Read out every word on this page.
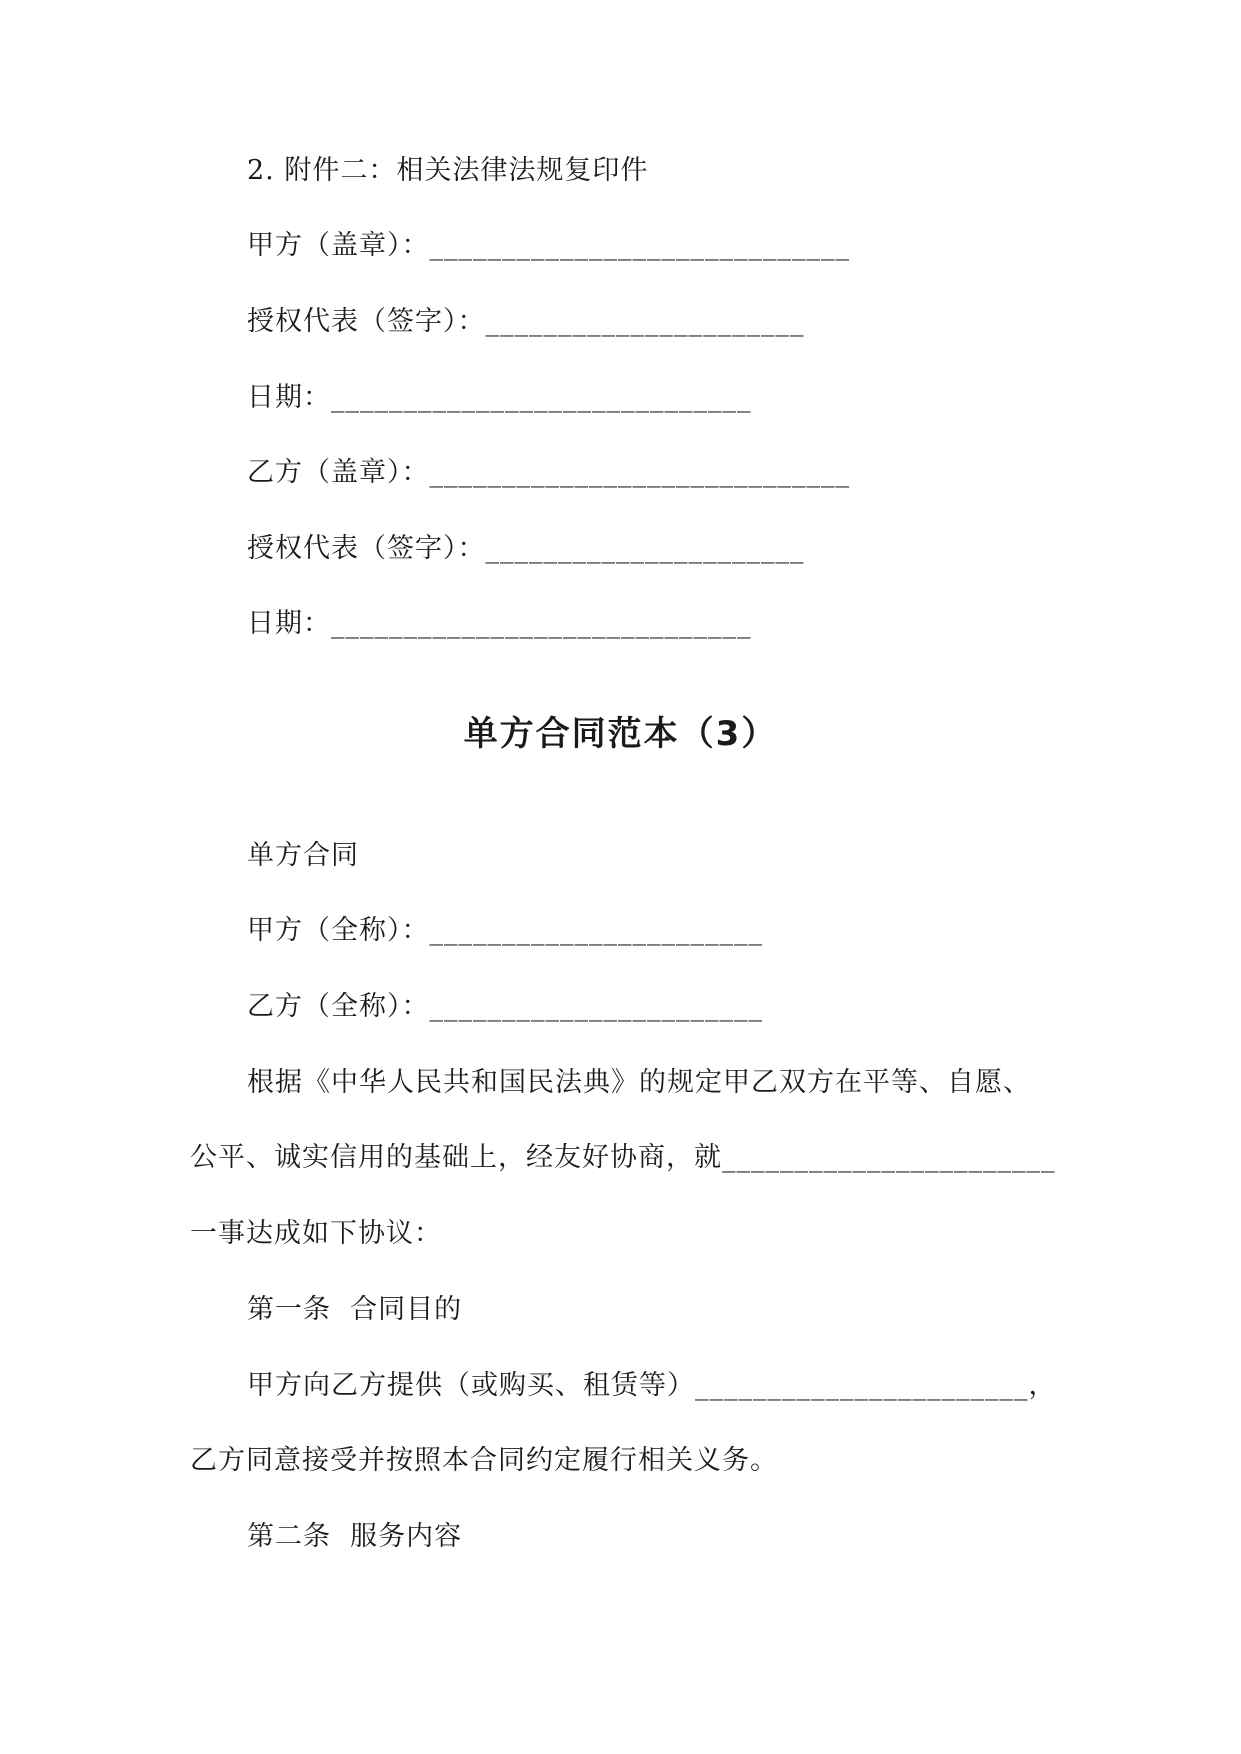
2. 附件二：相关法律法规复印件
甲方（盖章）：_____________________________
授权代表（签字）：______________________
日期：_____________________________
乙方（盖章）：_____________________________
授权代表（签字）：______________________
日期：_____________________________
单方合同范本（3）
单方合同
甲方（全称）：_______________________
乙方（全称）：_______________________
根据《中华人民共和国民法典》的规定甲乙双方在平等、自愿、
公平、诚实信用的基础上，经友好协商，就_______________________
一事达成如下协议：
第一条  合同目的
甲方向乙方提供（或购买、租赁等）_______________________，
乙方同意接受并按照本合同约定履行相关义务。
第二条  服务内容
